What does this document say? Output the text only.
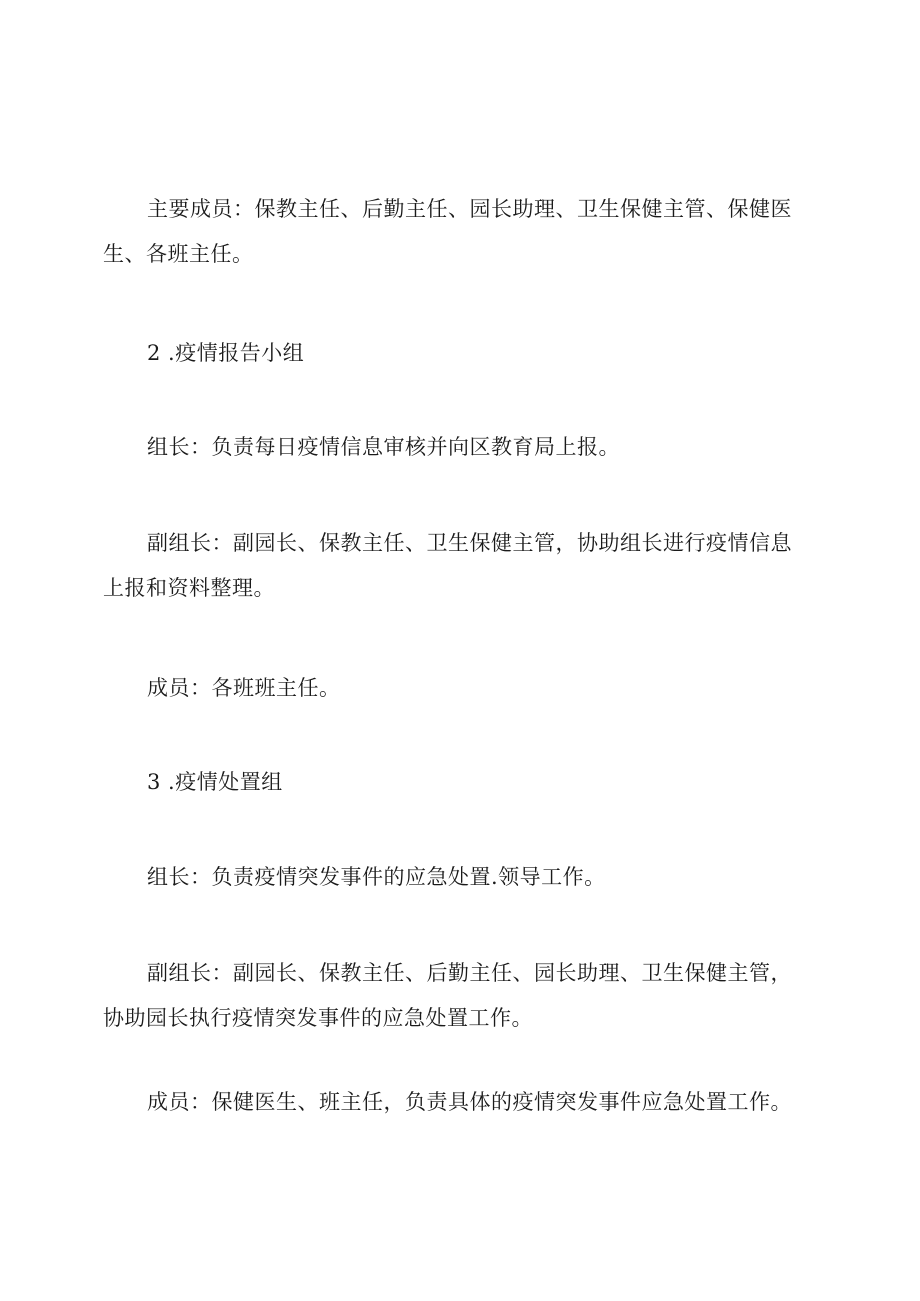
主要成员：保教主任、后勤主任、园长助理、卫生保健主管、保健医生、各班主任。

2 .疫情报告小组

组长：负责每日疫情信息审核并向区教育局上报。

副组长：副园长、保教主任、卫生保健主管，协助组长进行疫情信息上报和资料整理。

成员：各班班主任。

3 .疫情处置组

组长：负责疫情突发事件的应急处置.领导工作。

副组长：副园长、保教主任、后勤主任、园长助理、卫生保健主管，协助园长执行疫情突发事件的应急处置工作。

成员：保健医生、班主任，负责具体的疫情突发事件应急处置工作。
